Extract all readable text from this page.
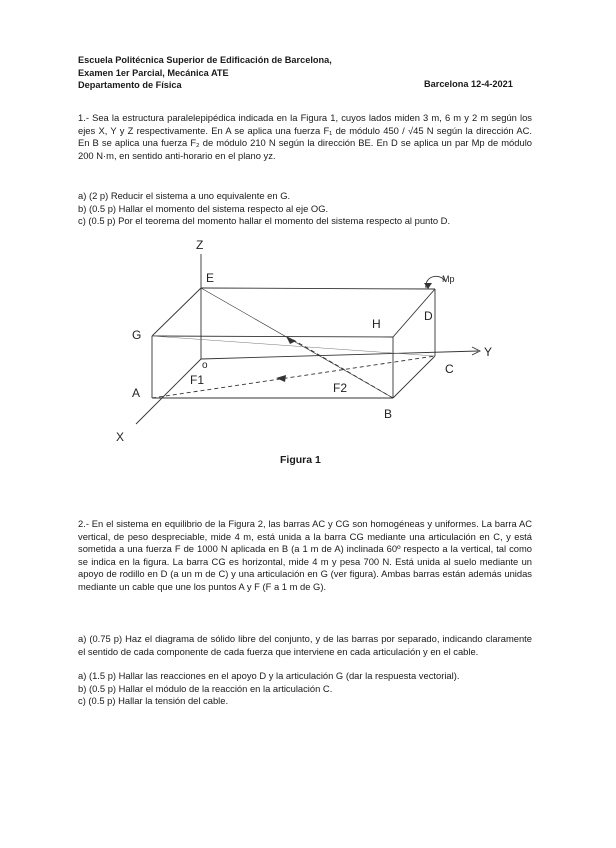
Escuela Politécnica Superior de Edificación de Barcelona,
Examen 1er Parcial, Mecánica ATE
Departamento de Física	Barcelona 12-4-2021
1.- Sea la estructura paralelepipédica indicada en la Figura 1, cuyos lados miden 3 m, 6 m y 2 m según los ejes X, Y y Z respectivamente. En A se aplica una fuerza F₁ de módulo 450 / √45 N según la dirección AC. En B se aplica una fuerza F₂ de módulo 210 N según la dirección BE. En D se aplica un par Mp de módulo 200 N·m, en sentido anti-horario en el plano yz.
a) (2 p) Reducir el sistema a uno equivalente en G.
b) (0.5 p) Hallar el momento del sistema respecto al eje OG.
c) (0.5 p) Por el teorema del momento hallar el momento del sistema respecto al punto D.
Z
E
G
H
D
Y
o	C
A
B
X
F1
F2
Mp
Figura 1
2.- En el sistema en equilibrio de la Figura 2, las barras AC y CG son homogéneas y uniformes. La barra AC vertical, de peso despreciable, mide 4 m, está unida a la barra CG mediante una articulación en C, y está sometida a una fuerza F de 1000 N aplicada en B (a 1 m de A) inclinada 60º respecto a la vertical, tal como se indica en la figura. La barra CG es horizontal, mide 4 m y pesa 700 N. Está unida al suelo mediante un apoyo de rodillo en D (a un m de C) y una articulación en G (ver figura). Ambas barras están además unidas mediante un cable que une los puntos A y F (F a 1 m de G).
a) (0.75 p) Haz el diagrama de sólido libre del conjunto, y de las barras por separado, indicando claramente el sentido de cada componente de cada fuerza que interviene en cada articulación y en el cable.
a) (1.5 p) Hallar las reacciones en el apoyo D y la articulación G (dar la respuesta vectorial).
b) (0.5 p) Hallar el módulo de la reacción en la articulación C.
c) (0.5 p) Hallar la tensión del cable.
